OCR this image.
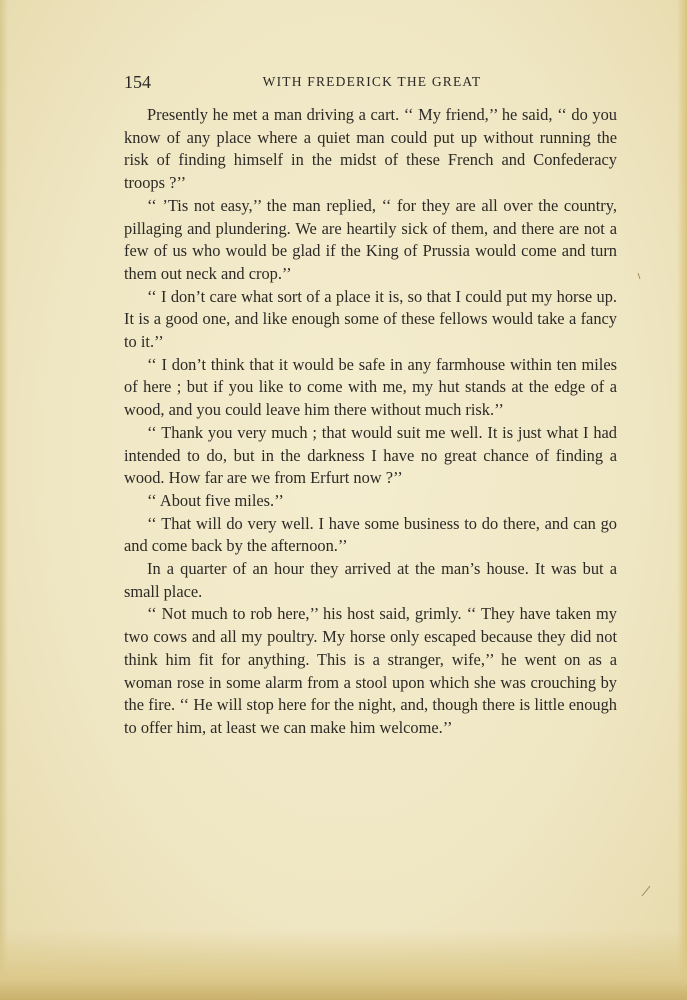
154	WITH FREDERICK THE GREAT

Presently he met a man driving a cart. ‘‘ My friend,’’ he said, ‘‘ do you know of any place where a quiet man could put up without running the risk of finding himself in the midst of these French and Confederacy troops ?’’

‘‘ ’Tis not easy,’’ the man replied, ‘‘ for they are all over the country, pillaging and plundering. We are heartily sick of them, and there are not a few of us who would be glad if the King of Prussia would come and turn them out neck and crop.’’

‘‘ I don’t care what sort of a place it is, so that I could put my horse up. It is a good one, and like enough some of these fellows would take a fancy to it.’’

‘‘ I don’t think that it would be safe in any farmhouse within ten miles of here ; but if you like to come with me, my hut stands at the edge of a wood, and you could leave him there without much risk.’’

‘‘ Thank you very much ; that would suit me well. It is just what I had intended to do, but in the darkness I have no great chance of finding a wood. How far are we from Erfurt now ?’’

‘‘ About five miles.’’

‘‘ That will do very well. I have some business to do there, and can go and come back by the afternoon.’’

In a quarter of an hour they arrived at the man’s house. It was but a small place.

‘‘ Not much to rob here,’’ his host said, grimly. ‘‘ They have taken my two cows and all my poultry. My horse only escaped because they did not think him fit for anything. This is a stranger, wife,’’ he went on as a woman rose in some alarm from a stool upon which she was crouching by the fire. ‘‘ He will stop here for the night, and, though there is little enough to offer him, at least we can make him welcome.’’
